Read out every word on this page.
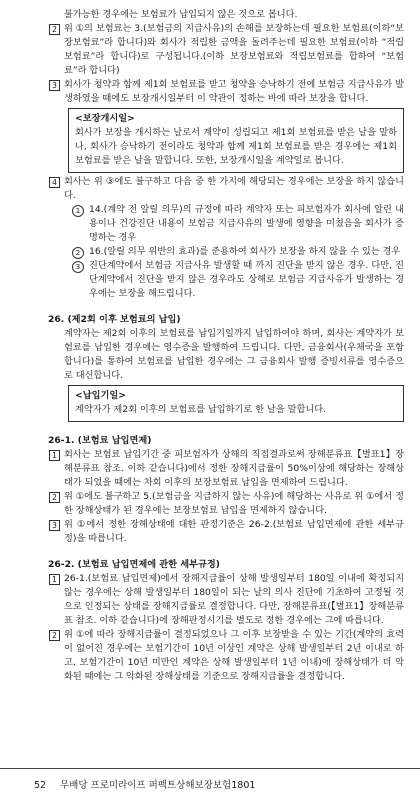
불가능한 경우에는 보험료가 납입되지 않은 것으로 봅니다.

2 위 ①의 보험료는 3.(보험금의 지급사유)의 손해를 보장하는데 필요한 보험료(이하“보장보험료”라 합니다)와 회사가 적립한 금액을 돌려주는데 필요한 보험료(이하 “적립보험료”라 합니다)로 구성됩니다.(이하 보장보험료와 적립보험료를 합하여 “보험료”라 합니다)
3 회사가 청약과 함께 제1회 보험료를 받고 청약을 승낙하기 전에 보험금 지급사유가 발생하였을 때에도 보장개시일부터 이 약관이 정하는 바에 따라 보장을 합니다.

<보장개시일>

회사가 보장을 개시하는 날로서 계약이 성립되고 제1회 보험료를 받은 날을 말하나, 회사가 승낙하기 전이라도 청약과 함께 제1회 보험료를 받은 경우에는 제1회 보험료를 받은 날을 말합니다. 또한, 보장개시일을 계약일로 봅니다.

4 회사는 위 ③에도 불구하고 다음 중 한 가지에 해당되는 경우에는 보장을 하지 않습니다.
1 14.(계약 전 알릴 의무)의 규정에 따라 계약자 또는 피보험자가 회사에 알린 내용이나 건강진단 내용이 보험금 지급사유의 발생에 영향을 미쳤음을 회사가 증명하는 경우
2 16.(알릴 의무 위반의 효과)를 준용하여 회사가 보장을 하지 않을 수 있는 경우
3 진단계약에서 보험금 지급사유 발생할 때 까지 진단을 받지 않은 경우. 다만, 진단계약에서 진단을 받지 않은 경우라도 상해로 보험금 지급사유가 발생하는 경우에는 보장을 해드립니다.

26. (제2회 이후 보험료의 납입)

계약자는 제2회 이후의 보험료를 납입기일까지 납입하여야 하며, 회사는 계약자가 보험료를 납입한 경우에는 영수증을 발행하여 드립니다. 다만, 금융회사(우체국을 포함합니다)를 통하여 보험료를 납입한 경우에는 그 금융회사 발행 증빙서류를 영수증으로 대신합니다.

<납입기일>

계약자가 제2회 이후의 보험료를 납입하기로 한 날을 말합니다.

26-1. (보험료 납입면제)

1 회사는 보험료 납입기간 중 피보험자가 상해의 직접결과로써 장해분류표【별표1】장해분류표 참조. 이하 같습니다)에서 정한 장해지급률이 50%이상에 해당하는 장해상태가 되었을 때에는 차회 이후의 보장보험료 납입을 면제하여 드립니다.
2 위 ①에도 불구하고 5.(보험금을 지급하지 않는 사유)에 해당하는 사유로 위 ①에서 정한 장해상태가 된 경우에는 보장보험료 납입을 면제하지 않습니다.
3 위 ①에서 정한 장해상태에 대한 판정기준은 26-2.(보험료 납입면제에 관한 세부규정)을 따릅니다.

26-2. (보험료 납입면제에 관한 세부규정)

1 26-1.(보험료 납입면제)에서 장해지급률이 상해 발생일부터 180일 이내에 확정되지 않는 경우에는 상해 발생일부터 180일이 되는 날의 의사 진단에 기초하여 고정될 것으로 인정되는 상태를 장해지급률로 결정합니다. 다만, 장해분류표(【별표1】장해분류표 참조. 이하 같습니다)에 장해판정시기를 별도로 정한 경우에는 그에 따릅니다.
2 위 ①에 따라 장해지급률이 결정되었으나 그 이후 보장받을 수 있는 기간(계약의 효력이 없어진 경우에는 보험기간이 10년 이상인 계약은 상해 발생일부터 2년 이내로 하고, 보험기간이 10년 미만인 계약은 상해 발생일부터 1년 이내)에 장해상태가 더 악화된 때에는 그 악화된 장해상태를 기준으로 장해지급률을 결정합니다.
52 무배당 프로미라이프 퍼펙트상해보장보험1801
